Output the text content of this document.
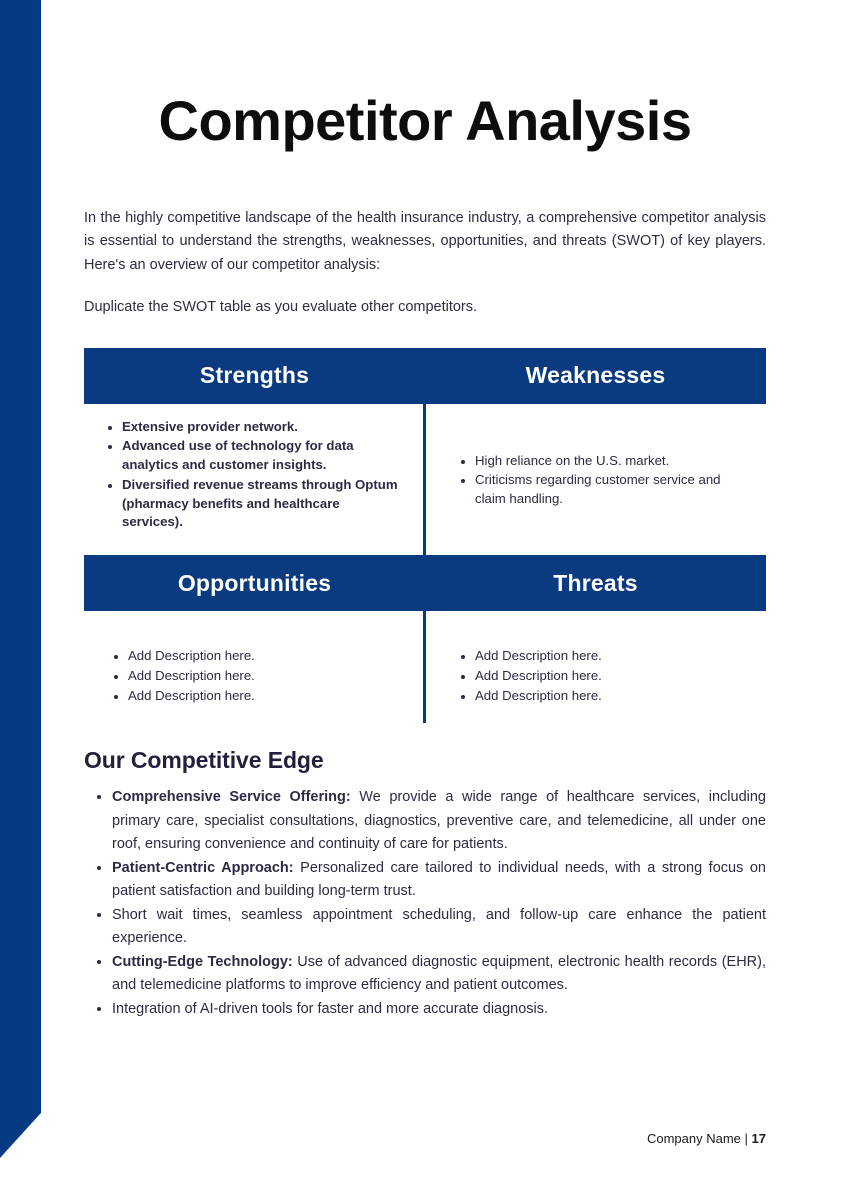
Competitor Analysis

In the highly competitive landscape of the health insurance industry, a comprehensive competitor analysis is essential to understand the strengths, weaknesses, opportunities, and threats (SWOT) of key players. Here's an overview of our competitor analysis:

Duplicate the SWOT table as you evaluate other competitors.

Strengths	Weaknesses
• Extensive provider network.
• Advanced use of technology for data analytics and customer insights.
• Diversified revenue streams through Optum (pharmacy benefits and healthcare services).
• High reliance on the U.S. market.
• Criticisms regarding customer service and claim handling.
Opportunities	Threats
• Add Description here.
• Add Description here.
• Add Description here.
• Add Description here.
• Add Description here.
• Add Description here.
Our Competitive Edge
• Comprehensive Service Offering: We provide a wide range of healthcare services, including primary care, specialist consultations, diagnostics, preventive care, and telemedicine, all under one roof, ensuring convenience and continuity of care for patients.
• Patient-Centric Approach: Personalized care tailored to individual needs, with a strong focus on patient satisfaction and building long-term trust.
• Short wait times, seamless appointment scheduling, and follow-up care enhance the patient experience.
• Cutting-Edge Technology: Use of advanced diagnostic equipment, electronic health records (EHR), and telemedicine platforms to improve efficiency and patient outcomes.
• Integration of AI-driven tools for faster and more accurate diagnosis.
Company Name | 17
